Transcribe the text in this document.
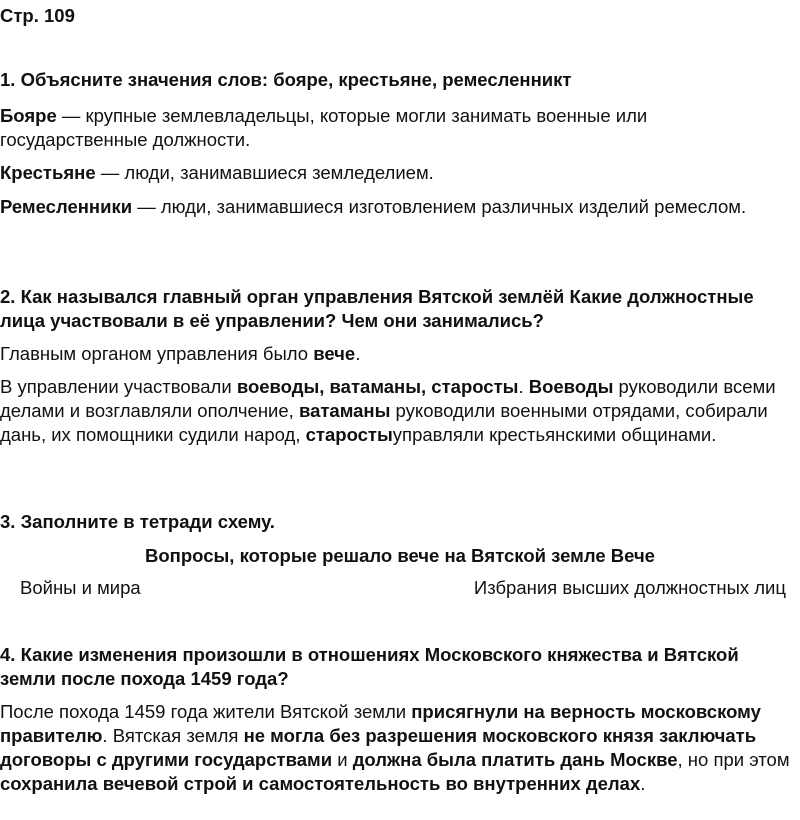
Стр. 109
1. Объясните значения слов: бояре, крестьяне, ремесленникт
Бояре — крупные землевладельцы, которые могли занимать военные или государственные должности.
Крестьяне — люди, занимавшиеся земледелием.
Ремесленники — люди, занимавшиеся изготовлением различных изделий ремеслом.
2. Как назывался главный орган управления Вятской землёй Какие должностные лица участвовали в её управлении? Чем они занимались?
Главным органом управления было вече.
В управлении участвовали воеводы, ватаманы, старосты. Воеводы руководили всеми делами и возглавляли ополчение, ватаманы руководили военными отрядами, собирали дань, их помощники судили народ, старостыуправляли крестьянскими общинами.
3. Заполните в тетради схему.
Вопросы, которые решало вече на Вятской земле Вече
Войны и мира	Избрания высших должностных лиц
4. Какие изменения произошли в отношениях Московского княжества и Вятской земли после похода 1459 года?
После похода 1459 года жители Вятской земли присягнули на верность московскому правителю. Вятская земля не могла без разрешения московского князя заключать договоры с другими государствами и должна была платить дань Москве, но при этом сохранила вечевой строй и самостоятельность во внутренних делах.
